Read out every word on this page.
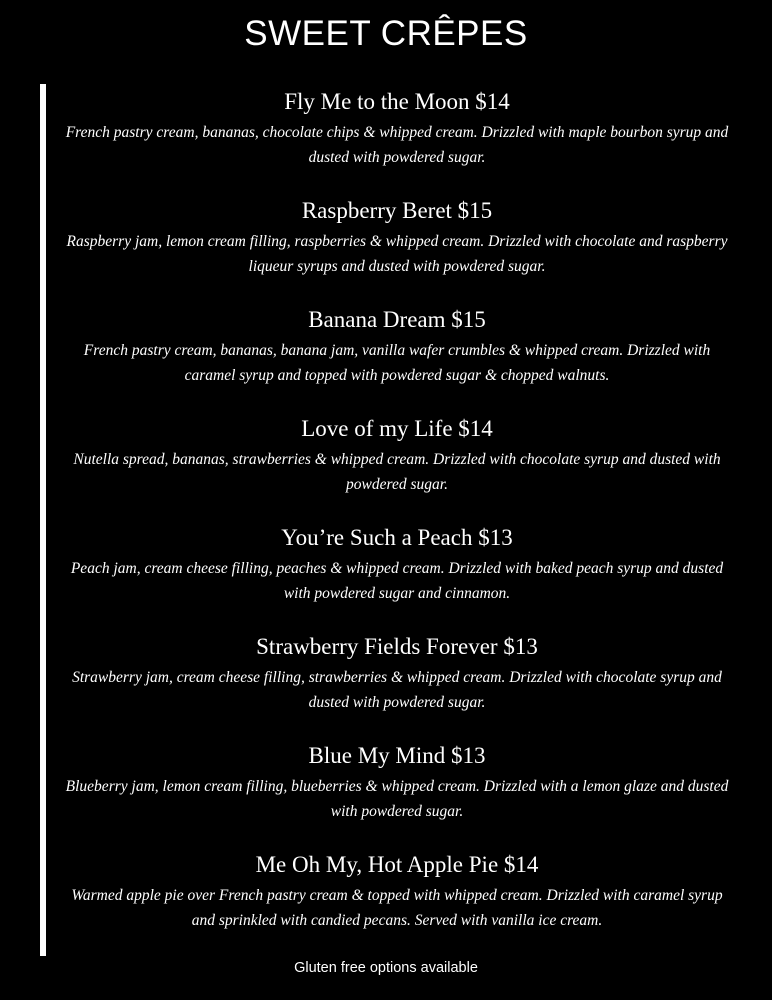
SWEET CRÊPES
Fly Me to the Moon $14
French pastry cream, bananas, chocolate chips & whipped cream. Drizzled with maple bourbon syrup and dusted with powdered sugar.
Raspberry Beret $15
Raspberry jam, lemon cream filling, raspberries & whipped cream. Drizzled with chocolate and raspberry liqueur syrups and dusted with powdered sugar.
Banana Dream $15
French pastry cream, bananas, banana jam, vanilla wafer crumbles & whipped cream. Drizzled with caramel syrup and topped with powdered sugar & chopped walnuts.
Love of my Life $14
Nutella spread, bananas, strawberries & whipped cream. Drizzled with chocolate syrup and dusted with powdered sugar.
You’re Such a Peach $13
Peach jam, cream cheese filling, peaches & whipped cream. Drizzled with baked peach syrup and dusted with powdered sugar and cinnamon.
Strawberry Fields Forever $13
Strawberry jam, cream cheese filling, strawberries & whipped cream. Drizzled with chocolate syrup and dusted with powdered sugar.
Blue My Mind $13
Blueberry jam, lemon cream filling, blueberries & whipped cream. Drizzled with a lemon glaze and dusted with powdered sugar.
Me Oh My, Hot Apple Pie $14
Warmed apple pie over French pastry cream & topped with whipped cream. Drizzled with caramel syrup and sprinkled with candied pecans. Served with vanilla ice cream.
Gluten free options available
